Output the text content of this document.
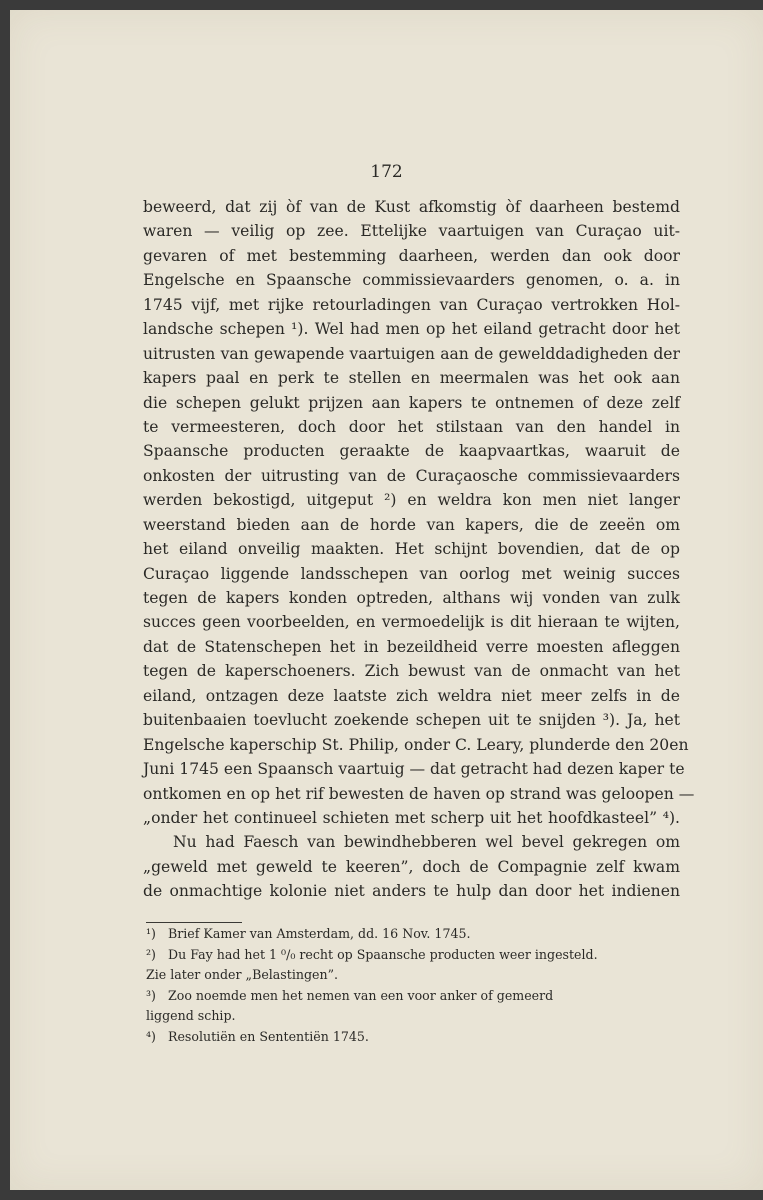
172
beweerd, dat zij òf van de Kust afkomstig òf daarheen bestemd
waren — veilig op zee. Ettelijke vaartuigen van Curaçao uit-
gevaren of met bestemming daarheen, werden dan ook door
Engelsche en Spaansche commissievaarders genomen, o. a. in
1745 vijf, met rijke retourladingen van Curaçao vertrokken Hol-
landsche schepen ¹). Wel had men op het eiland getracht door het
uitrusten van gewapende vaartuigen aan de gewelddadigheden der
kapers paal en perk te stellen en meermalen was het ook aan
die schepen gelukt prijzen aan kapers te ontnemen of deze zelf
te vermeesteren, doch door het stilstaan van den handel in
Spaansche producten geraakte de kaapvaartkas, waaruit de
onkosten der uitrusting van de Curaçaosche commissievaarders
werden bekostigd, uitgeput ²) en weldra kon men niet langer
weerstand bieden aan de horde van kapers, die de zeeën om
het eiland onveilig maakten. Het schijnt bovendien, dat de op
Curaçao liggende landsschepen van oorlog met weinig succes
tegen de kapers konden optreden, althans wij vonden van zulk
succes geen voorbeelden, en vermoedelijk is dit hieraan te wijten,
dat de Statenschepen het in bezeildheid verre moesten afleggen
tegen de kaperschoeners. Zich bewust van de onmacht van het
eiland, ontzagen deze laatste zich weldra niet meer zelfs in de
buitenbaaien toevlucht zoekende schepen uit te snijden ³). Ja, het
Engelsche kaperschip St. Philip, onder C. Leary, plunderde den 20en
Juni 1745 een Spaansch vaartuig — dat getracht had dezen kaper te
ontkomen en op het rif bewesten de haven op strand was geloopen —
„onder het continueel schieten met scherp uit het hoofdkasteel” ⁴).
Nu had Faesch van bewindhebberen wel bevel gekregen om
„geweld met geweld te keeren”, doch de Compagnie zelf kwam
de onmachtige kolonie niet anders te hulp dan door het indienen
¹) Brief Kamer van Amsterdam, dd. 16 Nov. 1745.
²) Du Fay had het 1 ⁰/₀ recht op Spaansche producten weer ingesteld.
Zie later onder „Belastingen”.
³) Zoo noemde men het nemen van een voor anker of gemeerd
liggend schip.
⁴) Resolutiën en Sententiën 1745.
